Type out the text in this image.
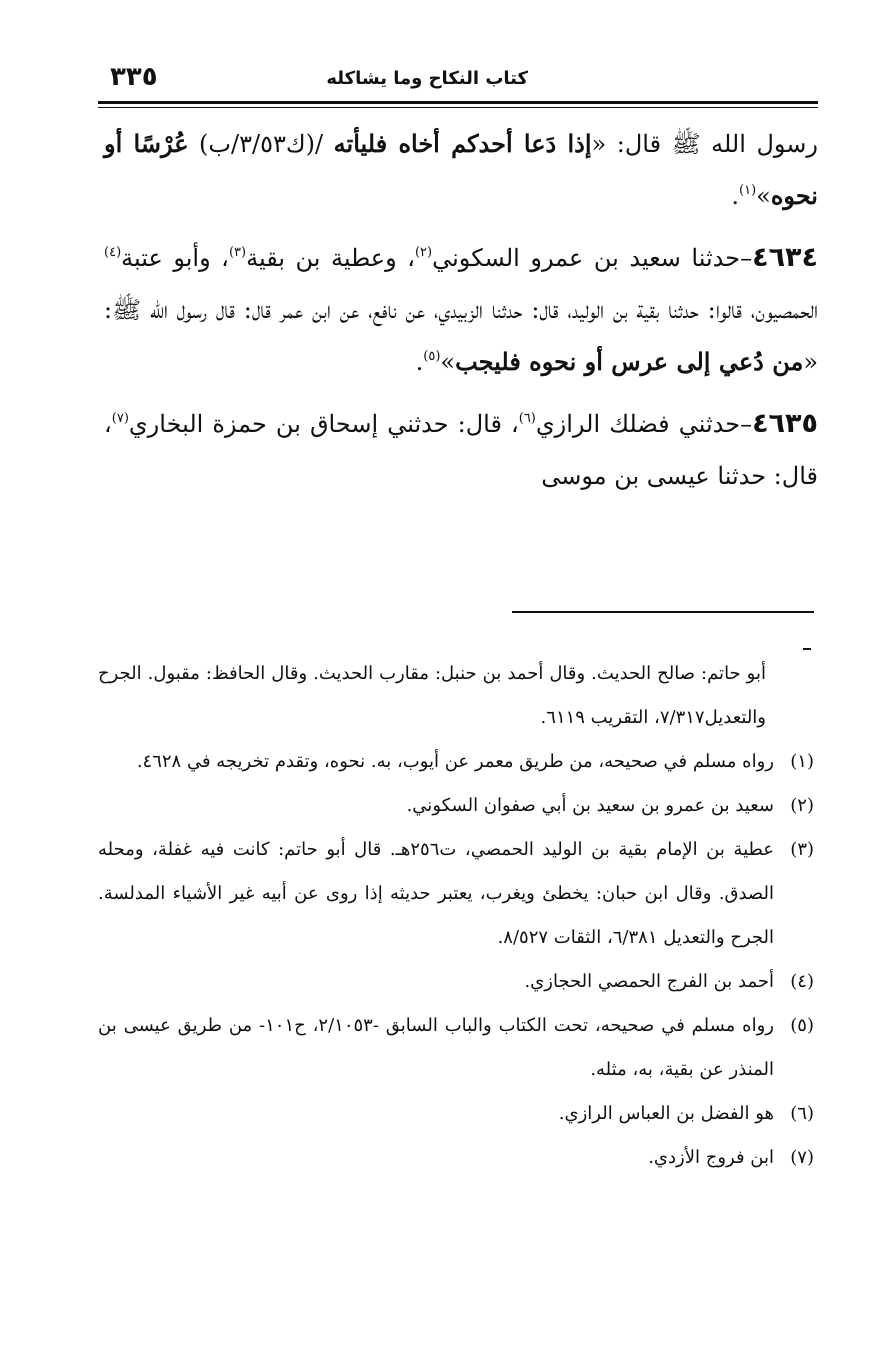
٣٣٥	كتاب النكاح وما يشاكله

رسول الله ﷺ قال: «إذا دَعا أحدكم أخاه فليأته /(ك٣/٥٣/ب) عُرْسًا أو نحوه»$^{(١)}$.

٤٦٣٤–حدثنا سعيد بن عمرو السكوني$^{(٢)}$، وعطية بن بقية$^{(٣)}$، وأبو عتبة$^{(٤)}$ الحمصيون، قالوا: حدثنا بقية بن الوليد، قال: حدثنا الزبيدي، عن نافع، عن ابن عمر قال: قال رسول الله ﷺ: «من دُعي إلى عرس أو نحوه فليجب»$^{(٥)}$.

٤٦٣٥–حدثني فضلك الرازي$^{(٦)}$، قال: حدثني إسحاق بن حمزة البخاري$^{(٧)}$، قال: حدثنا عيسى بن موسى

أبو حاتم: صالح الحديث. وقال أحمد بن حنبل: مقارب الحديث. وقال الحافظ: مقبول. الجرح والتعديل٧/٣١٧، التقريب ٦١١٩.

(١)رواه مسلم في صحيحه، من طريق معمر عن أيوب، به. نحوه، وتقدم تخريجه في ٤٦٢٨.

(٢)سعيد بن عمرو بن سعيد بن أبي صفوان السكوني.

(٣)عطية بن الإمام بقية بن الوليد الحمصي، ت٢٥٦هـ. قال أبو حاتم: كانت فيه غفلة، ومحله الصدق. وقال ابن حبان: يخطئ ويغرب، يعتبر حديثه إذا روى عن أبيه غير الأشياء المدلسة. الجرح والتعديل ٦/٣٨١، الثقات ٨/٥٢٧.

(٤)أحمد بن الفرج الحمصي الحجازي.

(٥)رواه مسلم في صحيحه، تحت الكتاب والباب السابق -٢/١٠٥٣، ح١٠١- من طريق عيسى بن المنذر عن بقية، به، مثله.

(٦)هو الفضل بن العباس الرازي.

(٧)ابن فروج الأزدي.
